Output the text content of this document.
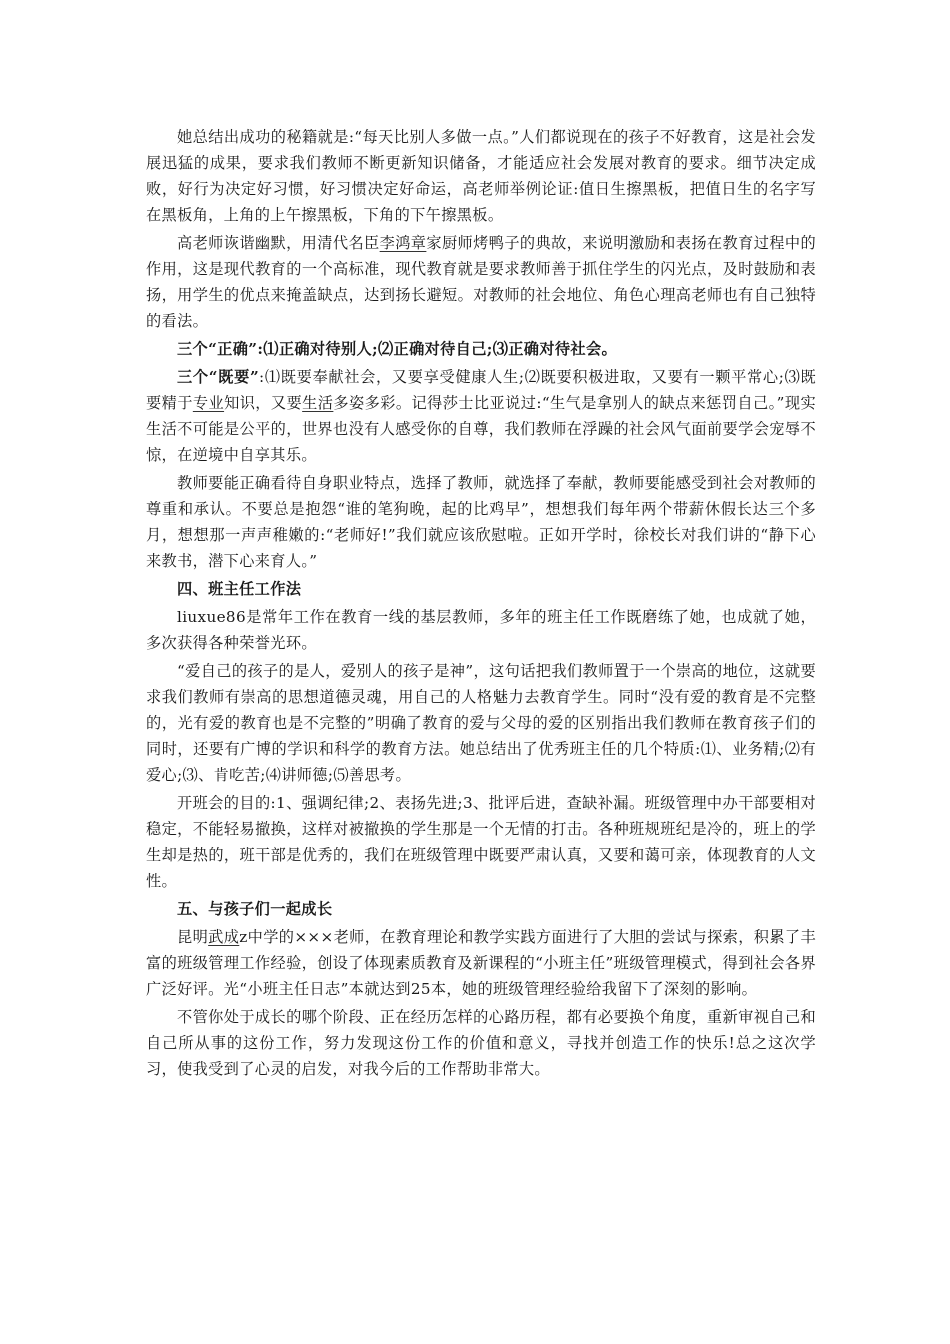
她总结出成功的秘籍就是:“每天比别人多做一点。”人们都说现在的孩子不好教育，这是社会发展迅猛的成果，要求我们教师不断更新知识储备，才能适应社会发展对教育的要求。细节决定成败，好行为决定好习惯，好习惯决定好命运，高老师举例论证:值日生擦黑板，把值日生的名字写在黑板角，上角的上午擦黑板，下角的下午擦黑板。

高老师诙谐幽默，用清代名臣李鸿章家厨师烤鸭子的典故，来说明激励和表扬在教育过程中的作用，这是现代教育的一个高标准，现代教育就是要求教师善于抓住学生的闪光点，及时鼓励和表扬，用学生的优点来掩盖缺点，达到扬长避短。对教师的社会地位、角色心理高老师也有自己独特的看法。

三个“正确”:⑴正确对待别人;⑵正确对待自己;⑶正确对待社会。

三个“既要”:⑴既要奉献社会，又要享受健康人生;⑵既要积极进取，又要有一颗平常心;⑶既要精于专业知识，又要生活多姿多彩。记得莎士比亚说过:“生气是拿别人的缺点来惩罚自己。”现实生活不可能是公平的，世界也没有人感受你的自尊，我们教师在浮躁的社会风气面前要学会宠辱不惊，在逆境中自享其乐。

教师要能正确看待自身职业特点，选择了教师，就选择了奉献，教师要能感受到社会对教师的尊重和承认。不要总是抱怨“谁的笔狗晚，起的比鸡早”，想想我们每年两个带薪休假长达三个多月，想想那一声声稚嫩的:“老师好!”我们就应该欣慰啦。正如开学时，徐校长对我们讲的“静下心来教书，潜下心来育人。”

四、班主任工作法

liuxue86是常年工作在教育一线的基层教师，多年的班主任工作既磨练了她，也成就了她，多次获得各种荣誉光环。

“爱自己的孩子的是人，爱别人的孩子是神”，这句话把我们教师置于一个崇高的地位，这就要求我们教师有崇高的思想道德灵魂，用自己的人格魅力去教育学生。同时“没有爱的教育是不完整的，光有爱的教育也是不完整的”明确了教育的爱与父母的爱的区别指出我们教师在教育孩子们的同时，还要有广博的学识和科学的教育方法。她总结出了优秀班主任的几个特质:⑴、业务精;⑵有爱心;⑶、肯吃苦;⑷讲师德;⑸善思考。

开班会的目的:1、强调纪律;2、表扬先进;3、批评后进，查缺补漏。班级管理中办干部要相对稳定，不能轻易撤换，这样对被撤换的学生那是一个无情的打击。各种班规班纪是冷的，班上的学生却是热的，班干部是优秀的，我们在班级管理中既要严肃认真，又要和蔼可亲，体现教育的人文性。

五、与孩子们一起成长

昆明武成z中学的×××老师，在教育理论和教学实践方面进行了大胆的尝试与探索，积累了丰富的班级管理工作经验，创设了体现素质教育及新课程的“小班主任”班级管理模式，得到社会各界广泛好评。光“小班主任日志”本就达到25本，她的班级管理经验给我留下了深刻的影响。

不管你处于成长的哪个阶段、正在经历怎样的心路历程，都有必要换个角度，重新审视自己和自己所从事的这份工作，努力发现这份工作的价值和意义，寻找并创造工作的快乐!总之这次学习，使我受到了心灵的启发，对我今后的工作帮助非常大。
